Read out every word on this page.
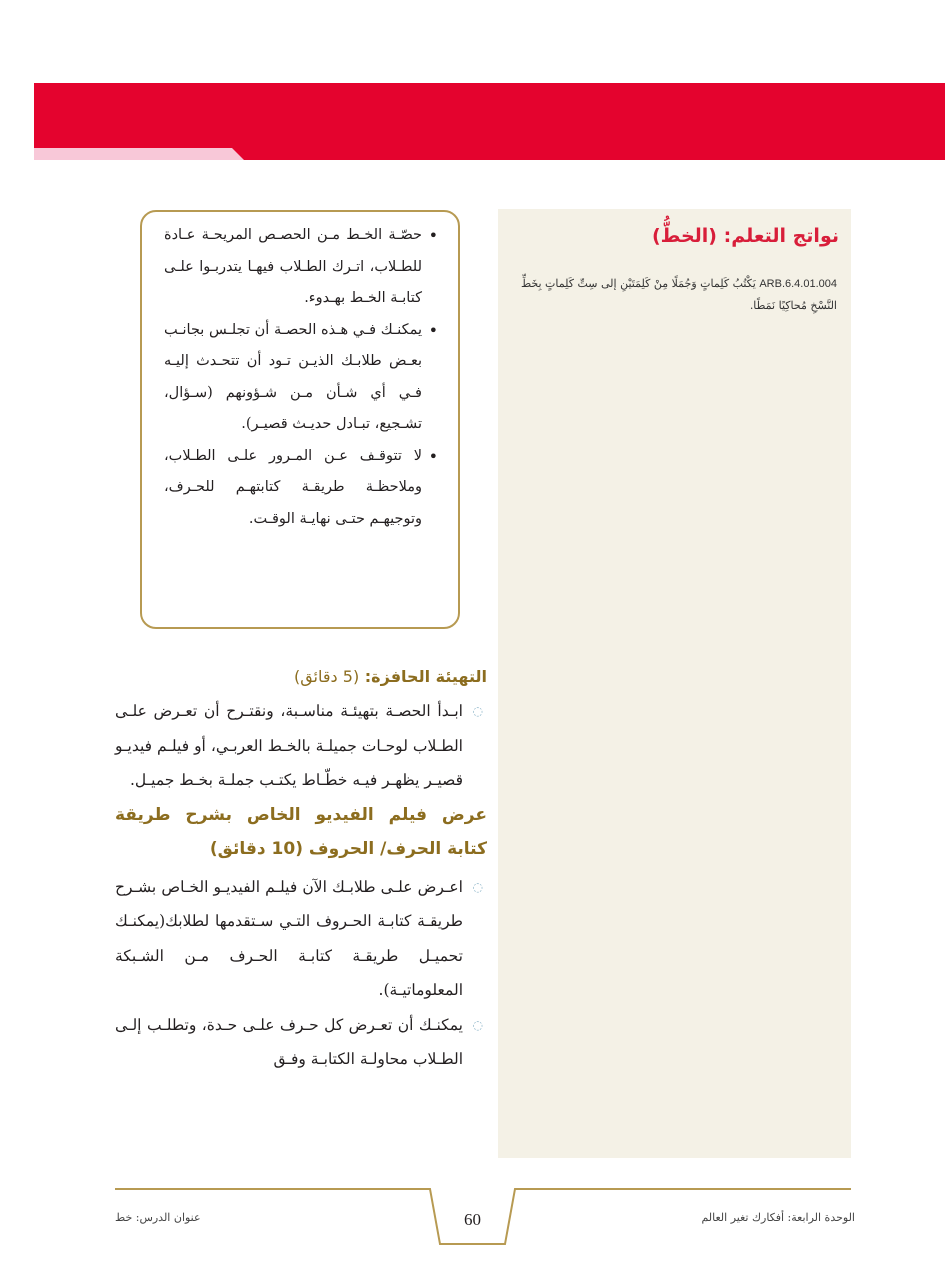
نواتج التعلم: (الخطُّ)
ARB.6.4.01.004 يَكْتُبُ كَلِماتٍ وَجُمَلًا مِنْ كَلِمَتَيْنِ إلى سِتِّ كَلِماتٍ بِخَطِّ النَّسْخِ مُحاكِيًا نَمَطًا.
•
حصّـة الخـط مـن الحصـص المريحـة عـادة للطـلاب، اتـرك الطـلاب فيهـا يتدربـوا علـى كتابـة الخـط بهـدوء.
•
يمكنـك فـي هـذه الحصـة أن تجلـس بجانـب بعـض طلابـك الذيـن تـود أن تتحـدث إليـه فـي أي شـأن مـن شـؤونهم (سـؤال، تشـجيع، تبـادل حديـث قصيـر).
•
لا تتوقـف عـن المـرور علـى الطـلاب، وملاحظـة طريقـة كتابتهـم للحـرف، وتوجيهـم حتـى نهايـة الوقـت.
التهيئة الحافزة: (5 دقائق)
◌
ابـدأ الحصـة بتهيئـة مناسـبة، ونقتـرح أن تعـرض علـى الطـلاب لوحـات جميلـة بالخـط العربـي، أو فيلـم فيديـو قصيـر يظهـر فيـه خطّـاط يكتـب جملـة بخـط جميـل.
عرض فيلم الفيديو الخاص بشرح طريقة كتابة الحرف/ الحروف (10 دقائق)
◌
اعـرض علـى طلابـك الآن فيلـم الفيديـو الخـاص بشـرح طريقـة كتابـة الحـروف التـي سـتقدمها لطلابك(يمكنـك تحميـل طريقـة كتابـة الحـرف مـن الشـبكة المعلوماتيـة).
◌
يمكنـك أن تعـرض كل حـرف علـى حـدة، وتطلـب إلـى الطـلاب محاولـة الكتابـة وفـق
الوحدة الرابعة: أفكارك تغير العالم
60
عنوان الدرس: خط
